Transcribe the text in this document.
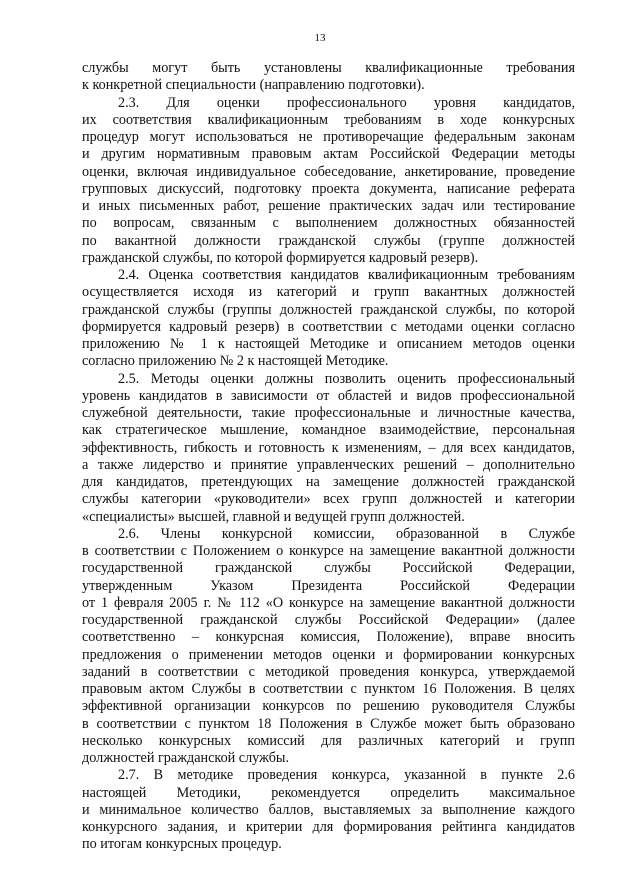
13
службы могут быть установлены квалификационные требования
к конкретной специальности (направлению подготовки).
2.3. Для оценки профессионального уровня кандидатов,
их соответствия квалификационным требованиям в ходе конкурсных
процедур могут использоваться не противоречащие федеральным законам
и другим нормативным правовым актам Российской Федерации методы
оценки, включая индивидуальное собеседование, анкетирование, проведение
групповых дискуссий, подготовку проекта документа, написание реферата
и иных письменных работ, решение практических задач или тестирование
по вопросам, связанным с выполнением должностных обязанностей
по вакантной должности гражданской службы (группе должностей
гражданской службы, по которой формируется кадровый резерв).
2.4. Оценка соответствия кандидатов квалификационным требованиям
осуществляется исходя из категорий и групп вакантных должностей
гражданской службы (группы должностей гражданской службы, по которой
формируется кадровый резерв) в соответствии с методами оценки согласно
приложению № 1 к настоящей Методике и описанием методов оценки
согласно приложению № 2 к настоящей Методике.
2.5. Методы оценки должны позволить оценить профессиональный
уровень кандидатов в зависимости от областей и видов профессиональной
служебной деятельности, такие профессиональные и личностные качества,
как стратегическое мышление, командное взаимодействие, персональная
эффективность, гибкость и готовность к изменениям, – для всех кандидатов,
а также лидерство и принятие управленческих решений – дополнительно
для кандидатов, претендующих на замещение должностей гражданской
службы категории «руководители» всех групп должностей и категории
«специалисты» высшей, главной и ведущей групп должностей.
2.6. Члены конкурсной комиссии, образованной в Службе
в соответствии с Положением о конкурсе на замещение вакантной должности
государственной гражданской службы Российской Федерации,
утвержденным Указом Президента Российской Федерации
от 1 февраля 2005 г. № 112 «О конкурсе на замещение вакантной должности
государственной гражданской службы Российской Федерации» (далее
соответственно – конкурсная комиссия, Положение), вправе вносить
предложения о применении методов оценки и формировании конкурсных
заданий в соответствии с методикой проведения конкурса, утверждаемой
правовым актом Службы в соответствии с пунктом 16 Положения. В целях
эффективной организации конкурсов по решению руководителя Службы
в соответствии с пунктом 18 Положения в Службе может быть образовано
несколько конкурсных комиссий для различных категорий и групп
должностей гражданской службы.
2.7. В методике проведения конкурса, указанной в пункте 2.6
настоящей Методики, рекомендуется определить максимальное
и минимальное количество баллов, выставляемых за выполнение каждого
конкурсного задания, и критерии для формирования рейтинга кандидатов
по итогам конкурсных процедур.
